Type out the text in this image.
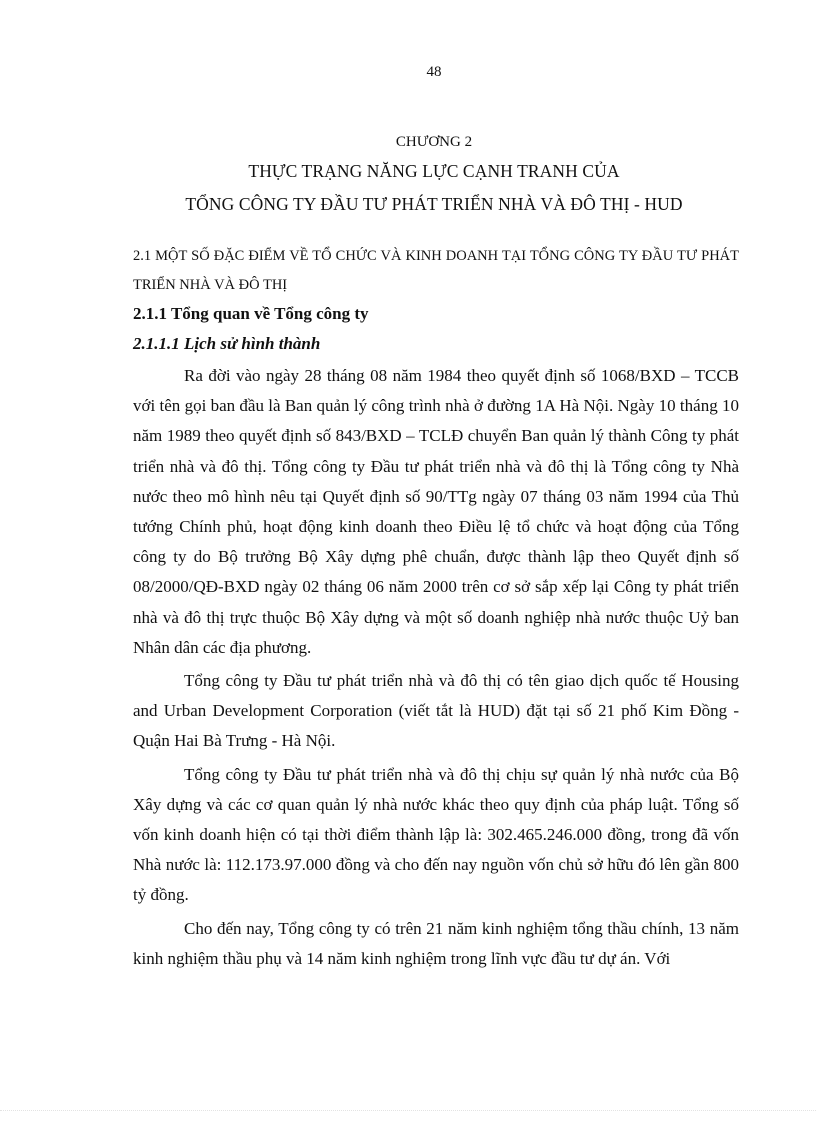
48

CHƯƠNG 2

THỰC TRẠNG NĂNG LỰC CẠNH TRANH CỦA

TỔNG CÔNG TY ĐẦU TƯ PHÁT TRIỂN NHÀ VÀ ĐÔ THỊ - HUD

2.1 MỘT SỐ ĐẶC ĐIỂM VỀ TỔ CHỨC VÀ KINH DOANH TẠI TỔNG CÔNG TY ĐẦU TƯ PHÁT TRIỂN NHÀ VÀ ĐÔ THỊ

2.1.1 Tổng quan về Tổng công ty

2.1.1.1 Lịch sử hình thành

Ra đời vào ngày 28 tháng 08 năm 1984 theo quyết định số 1068/BXD – TCCB với tên gọi ban đầu là Ban quản lý công trình nhà ở đường 1A Hà Nội. Ngày 10 tháng 10 năm 1989 theo quyết định số 843/BXD – TCLĐ chuyển Ban quản lý thành Công ty phát triển nhà và đô thị. Tổng công ty Đầu tư phát triển nhà và đô thị là Tổng công ty Nhà nước theo mô hình nêu tại Quyết định số 90/TTg ngày 07 tháng 03 năm 1994 của Thủ tướng Chính phủ, hoạt động kinh doanh theo Điều lệ tổ chức và hoạt động của Tổng công ty do Bộ trưởng Bộ Xây dựng phê chuẩn, được thành lập theo Quyết định số 08/2000/QĐ-BXD ngày 02 tháng 06 năm 2000 trên cơ sở sắp xếp lại Công ty phát triển nhà và đô thị trực thuộc Bộ Xây dựng và một số doanh nghiệp nhà nước thuộc Uỷ ban Nhân dân các địa phương.

Tổng công ty Đầu tư phát triển nhà và đô thị có tên giao dịch quốc tế Housing and Urban Development Corporation (viết tắt là HUD) đặt tại số 21 phố Kim Đồng - Quận Hai Bà Trưng - Hà Nội.

Tổng công ty Đầu tư phát triển nhà và đô thị chịu sự quản lý nhà nước của Bộ Xây dựng và các cơ quan quản lý nhà nước khác theo quy định của pháp luật. Tổng số vốn kinh doanh hiện có tại thời điểm thành lập là: 302.465.246.000 đồng, trong đã vốn Nhà nước là: 112.173.97.000 đồng và cho đến nay nguồn vốn chủ sở hữu đó lên gần 800 tỷ đồng.

Cho đến nay, Tổng công ty có trên 21 năm kinh nghiệm tổng thầu chính, 13 năm kinh nghiệm thầu phụ và 14 năm kinh nghiệm trong lĩnh vực đầu tư dự án. Với
